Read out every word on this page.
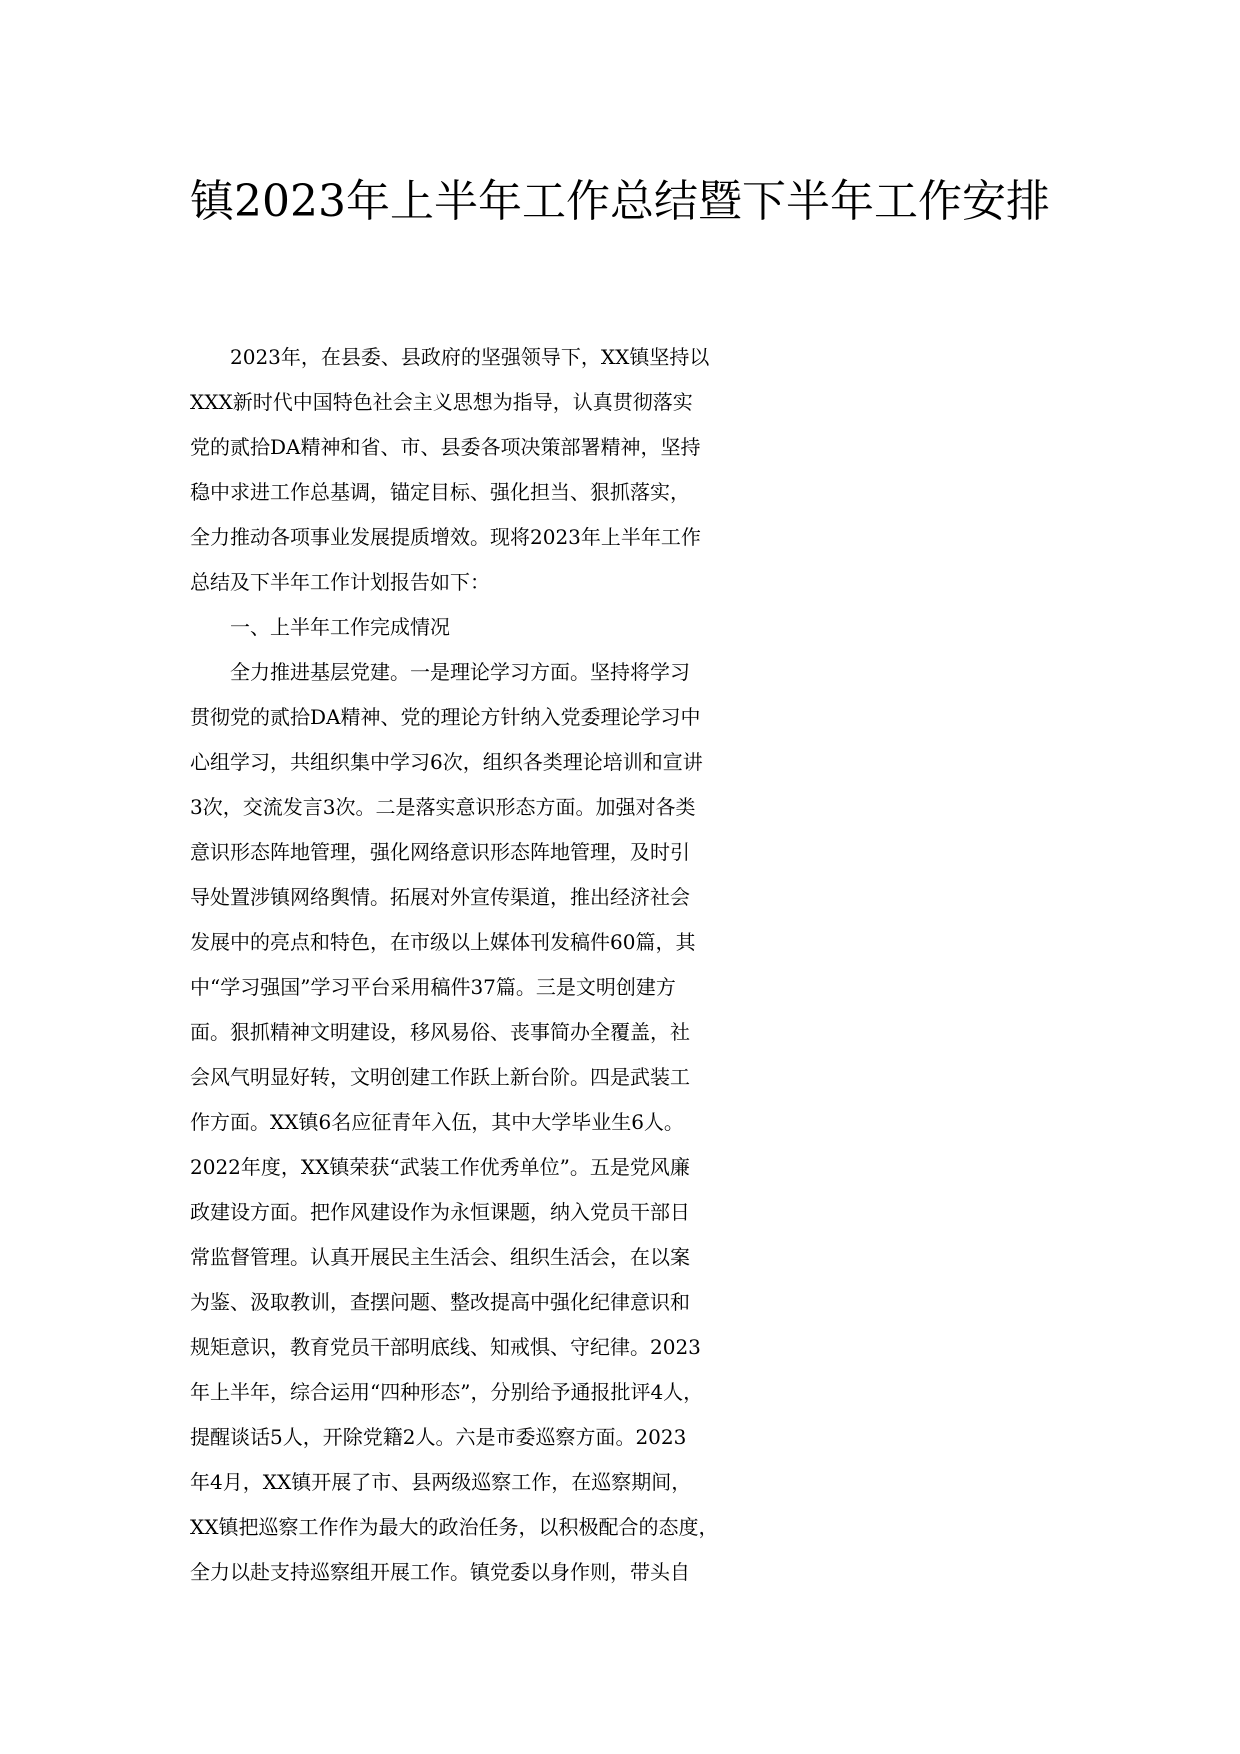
镇2023年上半年工作总结暨下半年工作安排
　　2023年，在县委、县政府的坚强领导下，XX镇坚持以
XXX新时代中国特色社会主义思想为指导，认真贯彻落实
党的贰拾DA精神和省、市、县委各项决策部署精神，坚持
稳中求进工作总基调，锚定目标、强化担当、狠抓落实，
全力推动各项事业发展提质增效。现将2023年上半年工作
总结及下半年工作计划报告如下：
　　一、上半年工作完成情况
　　全力推进基层党建。一是理论学习方面。坚持将学习
贯彻党的贰拾DA精神、党的理论方针纳入党委理论学习中
心组学习，共组织集中学习6次，组织各类理论培训和宣讲
3次，交流发言3次。二是落实意识形态方面。加强对各类
意识形态阵地管理，强化网络意识形态阵地管理，及时引
导处置涉镇网络舆情。拓展对外宣传渠道，推出经济社会
发展中的亮点和特色，在市级以上媒体刊发稿件60篇，其
中“学习强国”学习平台采用稿件37篇。三是文明创建方
面。狠抓精神文明建设，移风易俗、丧事简办全覆盖，社
会风气明显好转，文明创建工作跃上新台阶。四是武装工
作方面。XX镇6名应征青年入伍，其中大学毕业生6人。
2022年度，XX镇荣获“武装工作优秀单位”。五是党风廉
政建设方面。把作风建设作为永恒课题，纳入党员干部日
常监督管理。认真开展民主生活会、组织生活会，在以案
为鉴、汲取教训，查摆问题、整改提高中强化纪律意识和
规矩意识，教育党员干部明底线、知戒惧、守纪律。2023
年上半年，综合运用“四种形态”，分别给予通报批评4人，
提醒谈话5人，开除党籍2人。六是市委巡察方面。2023
年4月，XX镇开展了市、县两级巡察工作，在巡察期间，
XX镇把巡察工作作为最大的政治任务，以积极配合的态度，
全力以赴支持巡察组开展工作。镇党委以身作则，带头自
